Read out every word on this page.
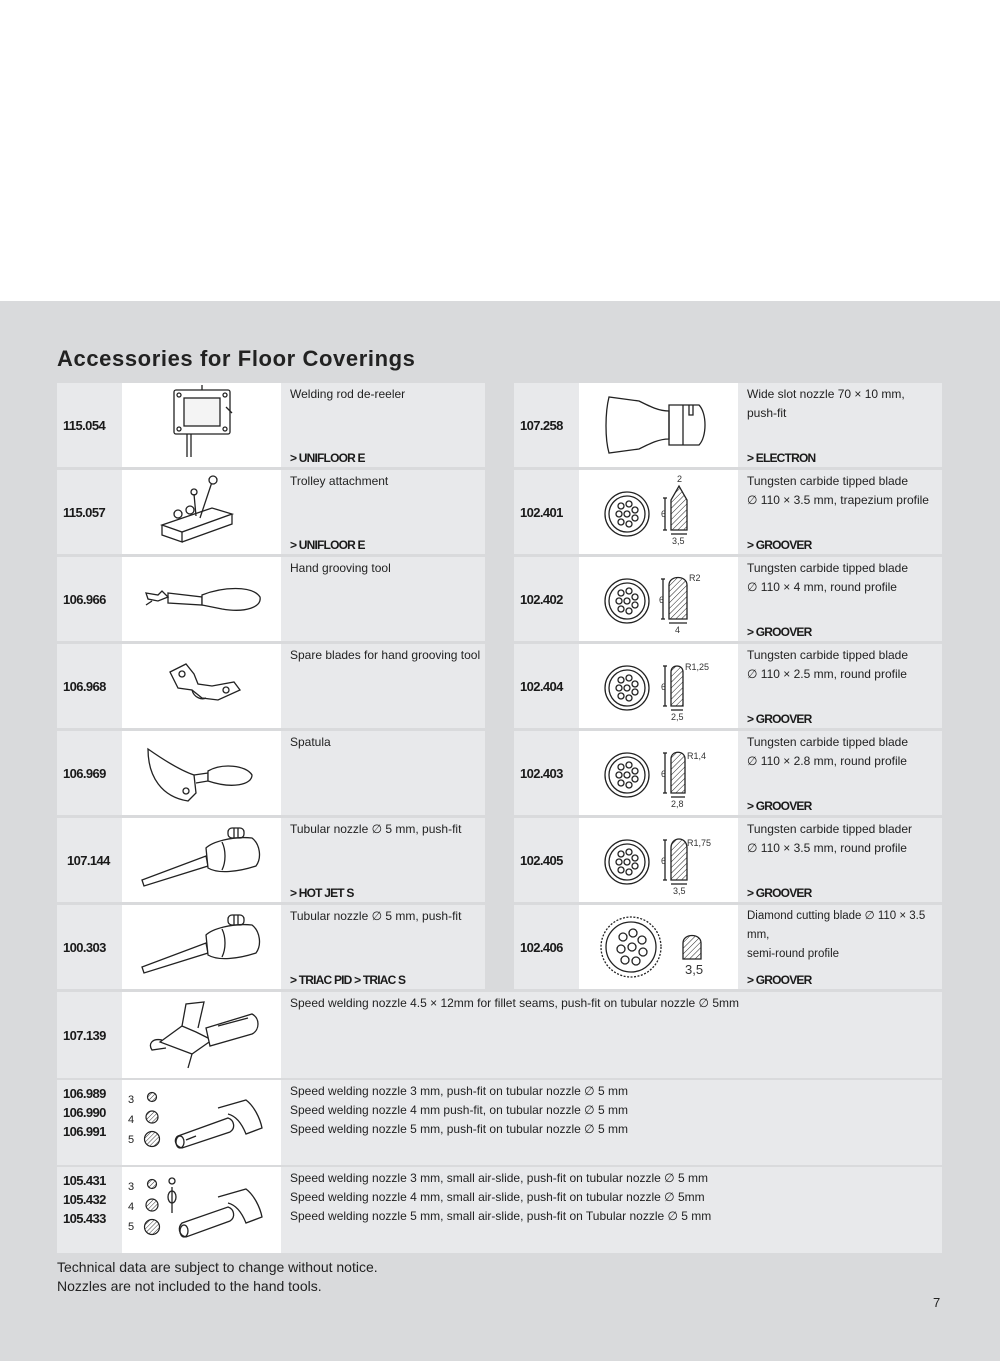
Accessories for Floor Coverings
115.054
Welding rod de-reeler
> UNIFLOOR E
115.057
Trolley attachment
> UNIFLOOR E
106.966
Hand grooving tool
106.968
Spare blades for hand grooving tool
106.969
Spatula
107.144
Tubular nozzle ∅ 5 mm, push-fit
> HOT JET S
100.303
Tubular nozzle ∅ 5 mm, push-fit
> TRIAC PID > TRIAC S
107.258
Wide slot nozzle 70 × 10 mm,
push-fit
> ELECTRON
102.401
2
6
3,5
Tungsten carbide tipped blade
∅ 110 × 3.5 mm, trapezium profile
> GROOVER
102.402
R2
6
4
Tungsten carbide tipped blade
∅ 110 × 4 mm, round profile
> GROOVER
102.404
R1,25
6
2,5
Tungsten carbide tipped blade
∅ 110 × 2.5 mm, round profile
> GROOVER
102.403
R1,4
6
2,8
Tungsten carbide tipped blade
∅ 110 × 2.8 mm, round profile
> GROOVER
102.405
R1,75
6
3,5
Tungsten carbide tipped blader
∅ 110 × 3.5 mm, round profile
> GROOVER
102.406
3,5
Diamond cutting blade ∅ 110 × 3.5 mm,
semi-round profile
> GROOVER
107.139
Speed welding nozzle 4.5 × 12mm for fillet seams, push-fit on tubular nozzle ∅ 5mm
106.989
106.990
106.991
3
4
5
Speed welding nozzle 3 mm, push-fit on tubular nozzle ∅ 5 mm
Speed welding nozzle 4 mm push-fit, on tubular nozzle ∅ 5 mm
Speed welding nozzle 5 mm, push-fit on tubular nozzle ∅ 5 mm
105.431
105.432
105.433
3
4
5
Speed welding nozzle 3 mm, small air-slide, push-fit on tubular nozzle ∅ 5 mm
Speed welding nozzle 4 mm, small air-slide, push-fit on tubular nozzle ∅ 5mm
Speed welding nozzle 5 mm, small air-slide, push-fit on Tubular nozzle ∅ 5 mm
Technical data are subject to change without notice.
Nozzles are not included to the hand tools.
7
